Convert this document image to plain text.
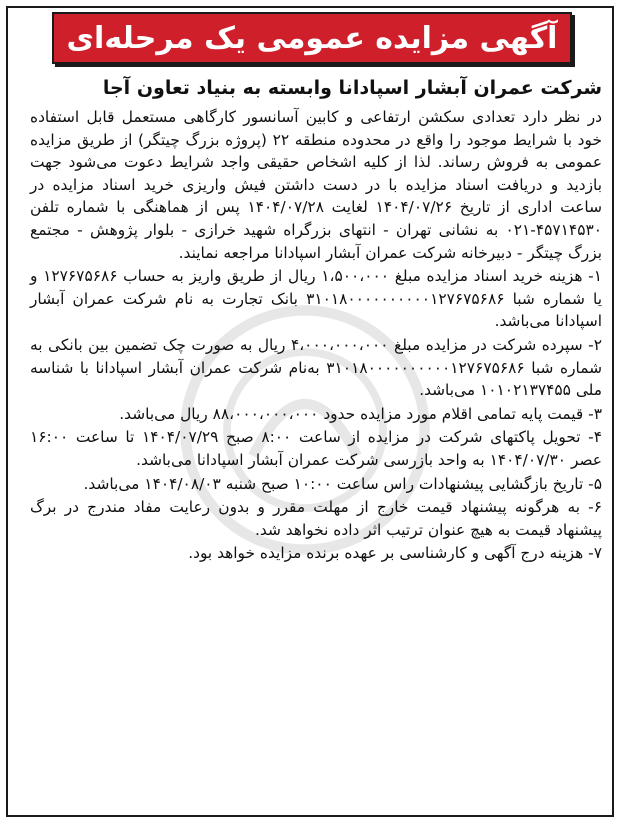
آگهی مزایده عمومی یک مرحله‌ای

شرکت عمران آبشار اسپادانا وابسته به بنیاد تعاون آجا

در نظر دارد تعدادی سکشن ارتفاعی و کابین آسانسور کارگاهی مستعمل قابل استفاده خود با شرایط موجود را واقع در محدوده منطقه ۲۲ (پروژه بزرگ چیتگر) از طریق مزایده عمومی به فروش رساند. لذا از کلیه اشخاص حقیقی واجد شرایط دعوت می‌شود جهت بازدید و دریافت اسناد مزایده با در دست داشتن فیش واریزی خرید اسناد مزایده در ساعت اداری از تاریخ ۱۴۰۴/۰۷/۲۶ لغایت ۱۴۰۴/۰۷/۲۸ پس از هماهنگی با شماره تلفن ۴۵۷۱۴۵۳۰-۰۲۱ به نشانی تهران - انتهای بزرگراه شهید خرازی - بلوار پژوهش - مجتمع بزرگ چیتگر - دبیرخانه شرکت عمران آبشار اسپادانا مراجعه نمایند.

۱- هزینه خرید اسناد مزایده مبلغ ۱،۵۰۰،۰۰۰ ریال از طریق واریز به حساب ۱۲۷۶۷۵۶۸۶ و یا شماره شبا ۳۱۰۱۸۰۰۰۰۰۰۰۰۰۰۱۲۷۶۷۵۶۸۶ بانک تجارت به نام شرکت عمران آبشار اسپادانا می‌باشد.

۲- سپرده شرکت در مزایده مبلغ ۴،۰۰۰،۰۰۰،۰۰۰ ریال به صورت چک تضمین بین بانکی به شماره شبا ۳۱۰۱۸۰۰۰۰۰۰۰۰۰۰۱۲۷۶۷۵۶۸۶ به‌نام شرکت عمران آبشار اسپادانا با شناسه ملی ۱۰۱۰۲۱۳۷۴۵۵ می‌باشد.

۳- قیمت پایه تمامی اقلام مورد مزایده حدود ۸۸،۰۰۰،۰۰۰،۰۰۰ ریال می‌باشد.

۴- تحویل پاکتهای شرکت در مزایده از ساعت ۸:۰۰ صبح ۱۴۰۴/۰۷/۲۹ تا ساعت ۱۶:۰۰ عصر ۱۴۰۴/۰۷/۳۰ به واحد بازرسی شرکت عمران آبشار اسپادانا می‌باشد.

۵- تاریخ بازگشایی پیشنهادات راس ساعت ۱۰:۰۰ صبح شنبه ۱۴۰۴/۰۸/۰۳ می‌باشد.

۶- به هرگونه پیشنهاد قیمت خارج از مهلت مقرر و بدون رعایت مفاد مندرج در برگ پیشنهاد قیمت به هیچ عنوان ترتیب اثر داده نخواهد شد.

۷- هزینه درج آگهی و کارشناسی بر عهده برنده مزایده خواهد بود.
